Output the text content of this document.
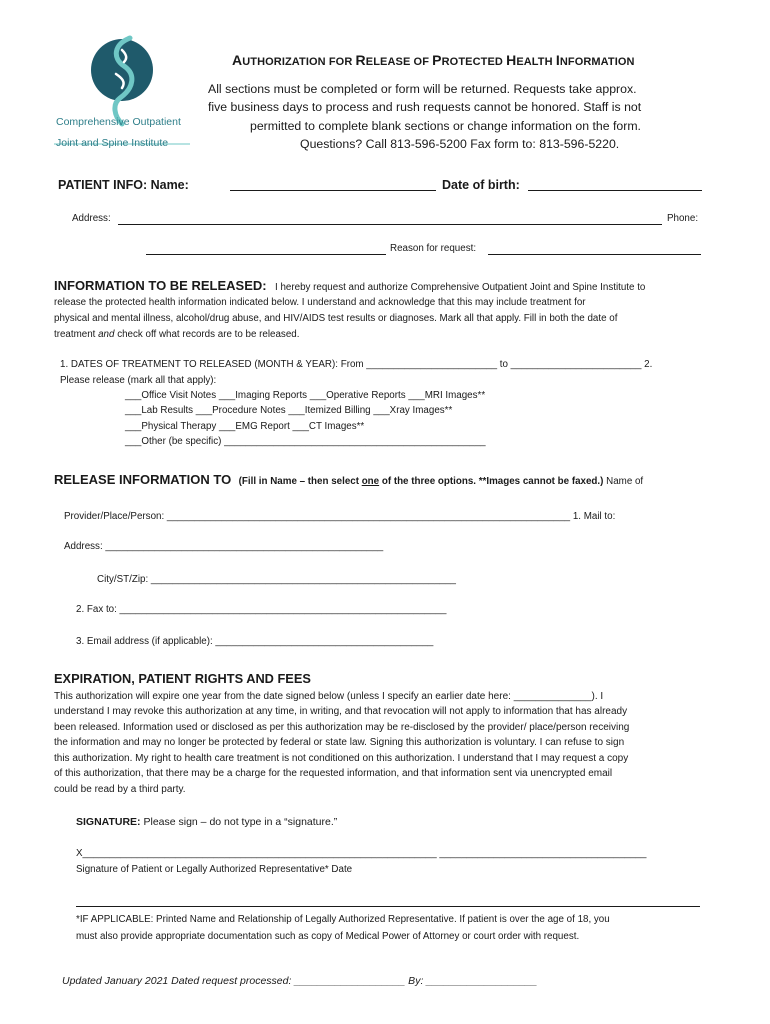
Comprehensive Outpatient
Joint and Spine Institute
AUTHORIZATION FOR RELEASE OF PROTECTED HEALTH INFORMATION
All sections must be completed or form will be returned. Requests take approx.
five business days to process and rush requests cannot be honored. Staff is not
permitted to complete blank sections or change information on the form.
Questions? Call 813-596-5200 Fax form to: 813-596-5220.
PATIENT INFO: Name:	Date of birth:
Address:	Phone:
Reason for request:
INFORMATION TO BE RELEASED: I hereby request and authorize Comprehensive Outpatient Joint and Spine Institute to
release the protected health information indicated below. I understand and acknowledge that this may include treatment for
physical and mental illness, alcohol/drug abuse, and HIV/AIDS test results or diagnoses. Mark all that apply. Fill in both the date of
treatment and check off what records are to be released.
1. DATES OF TREATMENT TO RELEASED (MONTH & YEAR): From ________________________ to ________________________ 2.
Please release (mark all that apply):
___Office Visit Notes ___Imaging Reports ___Operative Reports ___MRI Images**
___Lab Results ___Procedure Notes ___Itemized Billing ___Xray Images**
___Physical Therapy ___EMG Report ___CT Images**
___Other (be specific) ________________________________________________
RELEASE INFORMATION TO (Fill in Name – then select one of the three options. **Images cannot be faxed.) Name of
Provider/Place/Person: __________________________________________________________________________ 1. Mail to:
Address: ___________________________________________________
City/ST/Zip: ________________________________________________________
2. Fax to: ____________________________________________________________
3. Email address (if applicable): ________________________________________
EXPIRATION, PATIENT RIGHTS AND FEES
This authorization will expire one year from the date signed below (unless I specify an earlier date here: ______________). I
understand I may revoke this authorization at any time, in writing, and that revocation will not apply to information that has already
been released. Information used or disclosed as per this authorization may be re-disclosed by the provider/ place/person receiving
the information and may no longer be protected by federal or state law. Signing this authorization is voluntary. I can refuse to sign
this authorization. My right to health care treatment is not conditioned on this authorization. I understand that I may request a copy
of this authorization, that there may be a charge for the requested information, and that information sent via unencrypted email
could be read by a third party.
SIGNATURE: Please sign – do not type in a “signature.”
X_________________________________________________________________ ______________________________________
Signature of Patient or Legally Authorized Representative* Date
*IF APPLICABLE: Printed Name and Relationship of Legally Authorized Representative. If patient is over the age of 18, you
must also provide appropriate documentation such as copy of Medical Power of Attorney or court order with request.
Updated January 2021 Dated request processed: ___________________ By: ___________________
